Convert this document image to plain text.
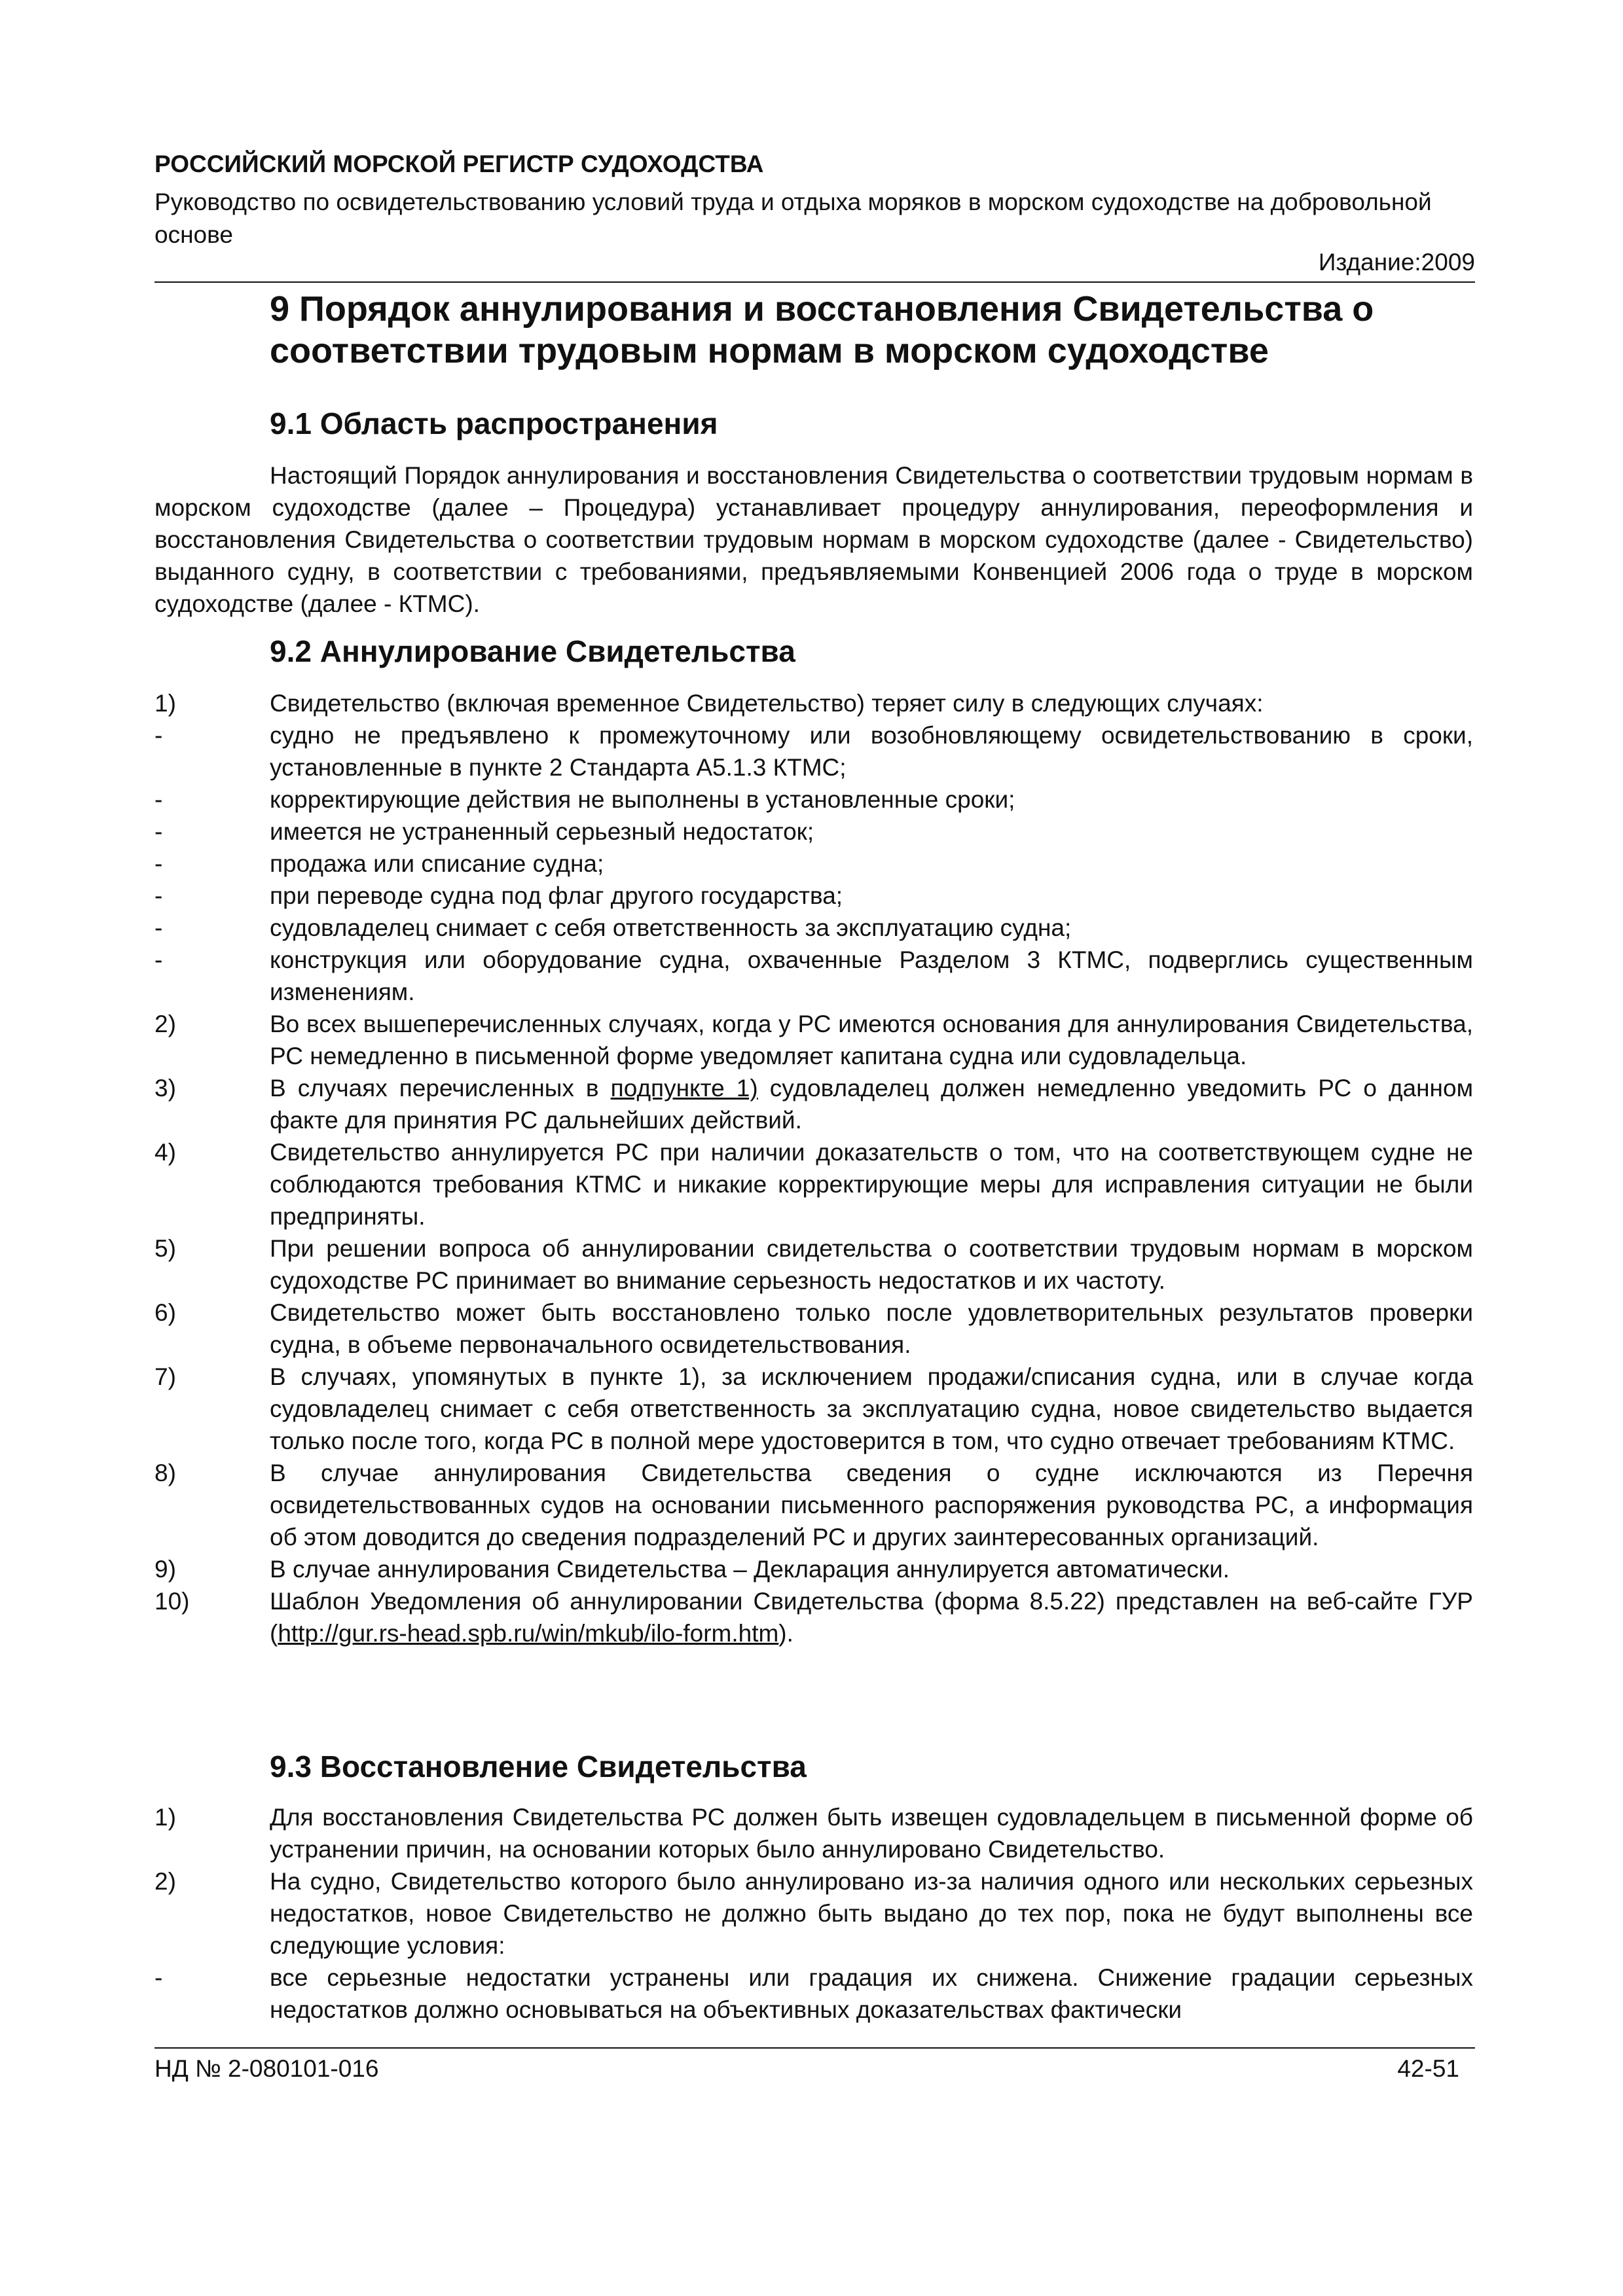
РОССИЙСКИЙ МОРСКОЙ РЕГИСТР СУДОХОДСТВА
Руководство по освидетельствованию условий труда и отдыха моряков в морском судоходстве на добровольной основе
Издание:2009
9 Порядок аннулирования и восстановления Свидетельства о соответствии трудовым нормам в морском судоходстве
9.1 Область распространения
Настоящий Порядок аннулирования и восстановления Свидетельства о соответствии трудовым нормам в морском судоходстве (далее – Процедура) устанавливает процедуру аннулирования, переоформления и восстановления Свидетельства о соответствии трудовым нормам в морском судоходстве (далее - Свидетельство) выданного судну, в соответствии с требованиями, предъявляемыми Конвенцией 2006 года о труде в морском судоходстве (далее - КТМС).
9.2 Аннулирование Свидетельства
1)	Свидетельство (включая временное Свидетельство) теряет силу в следующих случаях:
-	судно не предъявлено к промежуточному или возобновляющему освидетельствованию в сроки, установленные в пункте 2 Стандарта А5.1.3 КТМС;
-	корректирующие действия не выполнены в установленные сроки;
-	имеется не устраненный серьезный недостаток;
-	продажа или списание судна;
-	при переводе судна под флаг другого государства;
-	судовладелец снимает с себя ответственность за эксплуатацию судна;
-	конструкция или оборудование судна, охваченные Разделом 3 КТМС, подверглись существенным изменениям.
2)	Во всех вышеперечисленных случаях, когда у РС имеются основания для аннулирования Свидетельства, РС немедленно в письменной форме уведомляет капитана судна или судовладельца.
3)	В случаях перечисленных в подпункте 1) судовладелец должен немедленно уведомить РС о данном факте для принятия РС дальнейших действий.
4)	Свидетельство аннулируется РС при наличии доказательств о том, что на соответствующем судне не соблюдаются требования КТМС и никакие корректирующие меры для исправления ситуации не были предприняты.
5)	При решении вопроса об аннулировании свидетельства о соответствии трудовым нормам в морском судоходстве РС принимает во внимание серьезность недостатков и их частоту.
6)	Свидетельство может быть восстановлено только после удовлетворительных результатов проверки судна, в объеме первоначального освидетельствования.
7)	В случаях, упомянутых в пункте 1), за исключением продажи/списания судна, или в случае когда судовладелец снимает с себя ответственность за эксплуатацию судна, новое свидетельство выдается только после того, когда РС в полной мере удостоверится в том, что судно отвечает требованиям КТМС.
8)	В случае аннулирования Свидетельства сведения о судне исключаются из Перечня освидетельствованных судов на основании письменного распоряжения руководства РС, а информация об этом доводится до сведения подразделений РС и других заинтересованных организаций.
9)	В случае аннулирования Свидетельства – Декларация аннулируется автоматически.
10)	Шаблон Уведомления об аннулировании Свидетельства (форма 8.5.22) представлен на веб-сайте ГУР (http://gur.rs-head.spb.ru/win/mkub/ilo-form.htm).
9.3 Восстановление Свидетельства
1)	Для восстановления Свидетельства РС должен быть извещен судовладельцем в письменной форме об устранении причин, на основании которых было аннулировано Свидетельство.
2)	На судно, Свидетельство которого было аннулировано из-за наличия одного или нескольких серьезных недостатков, новое Свидетельство не должно быть выдано до тех пор, пока не будут выполнены все следующие условия:
-	все серьезные недостатки устранены или градация их снижена. Снижение градации серьезных недостатков должно основываться на объективных доказательствах фактически
НД № 2-080101-016	42-51
